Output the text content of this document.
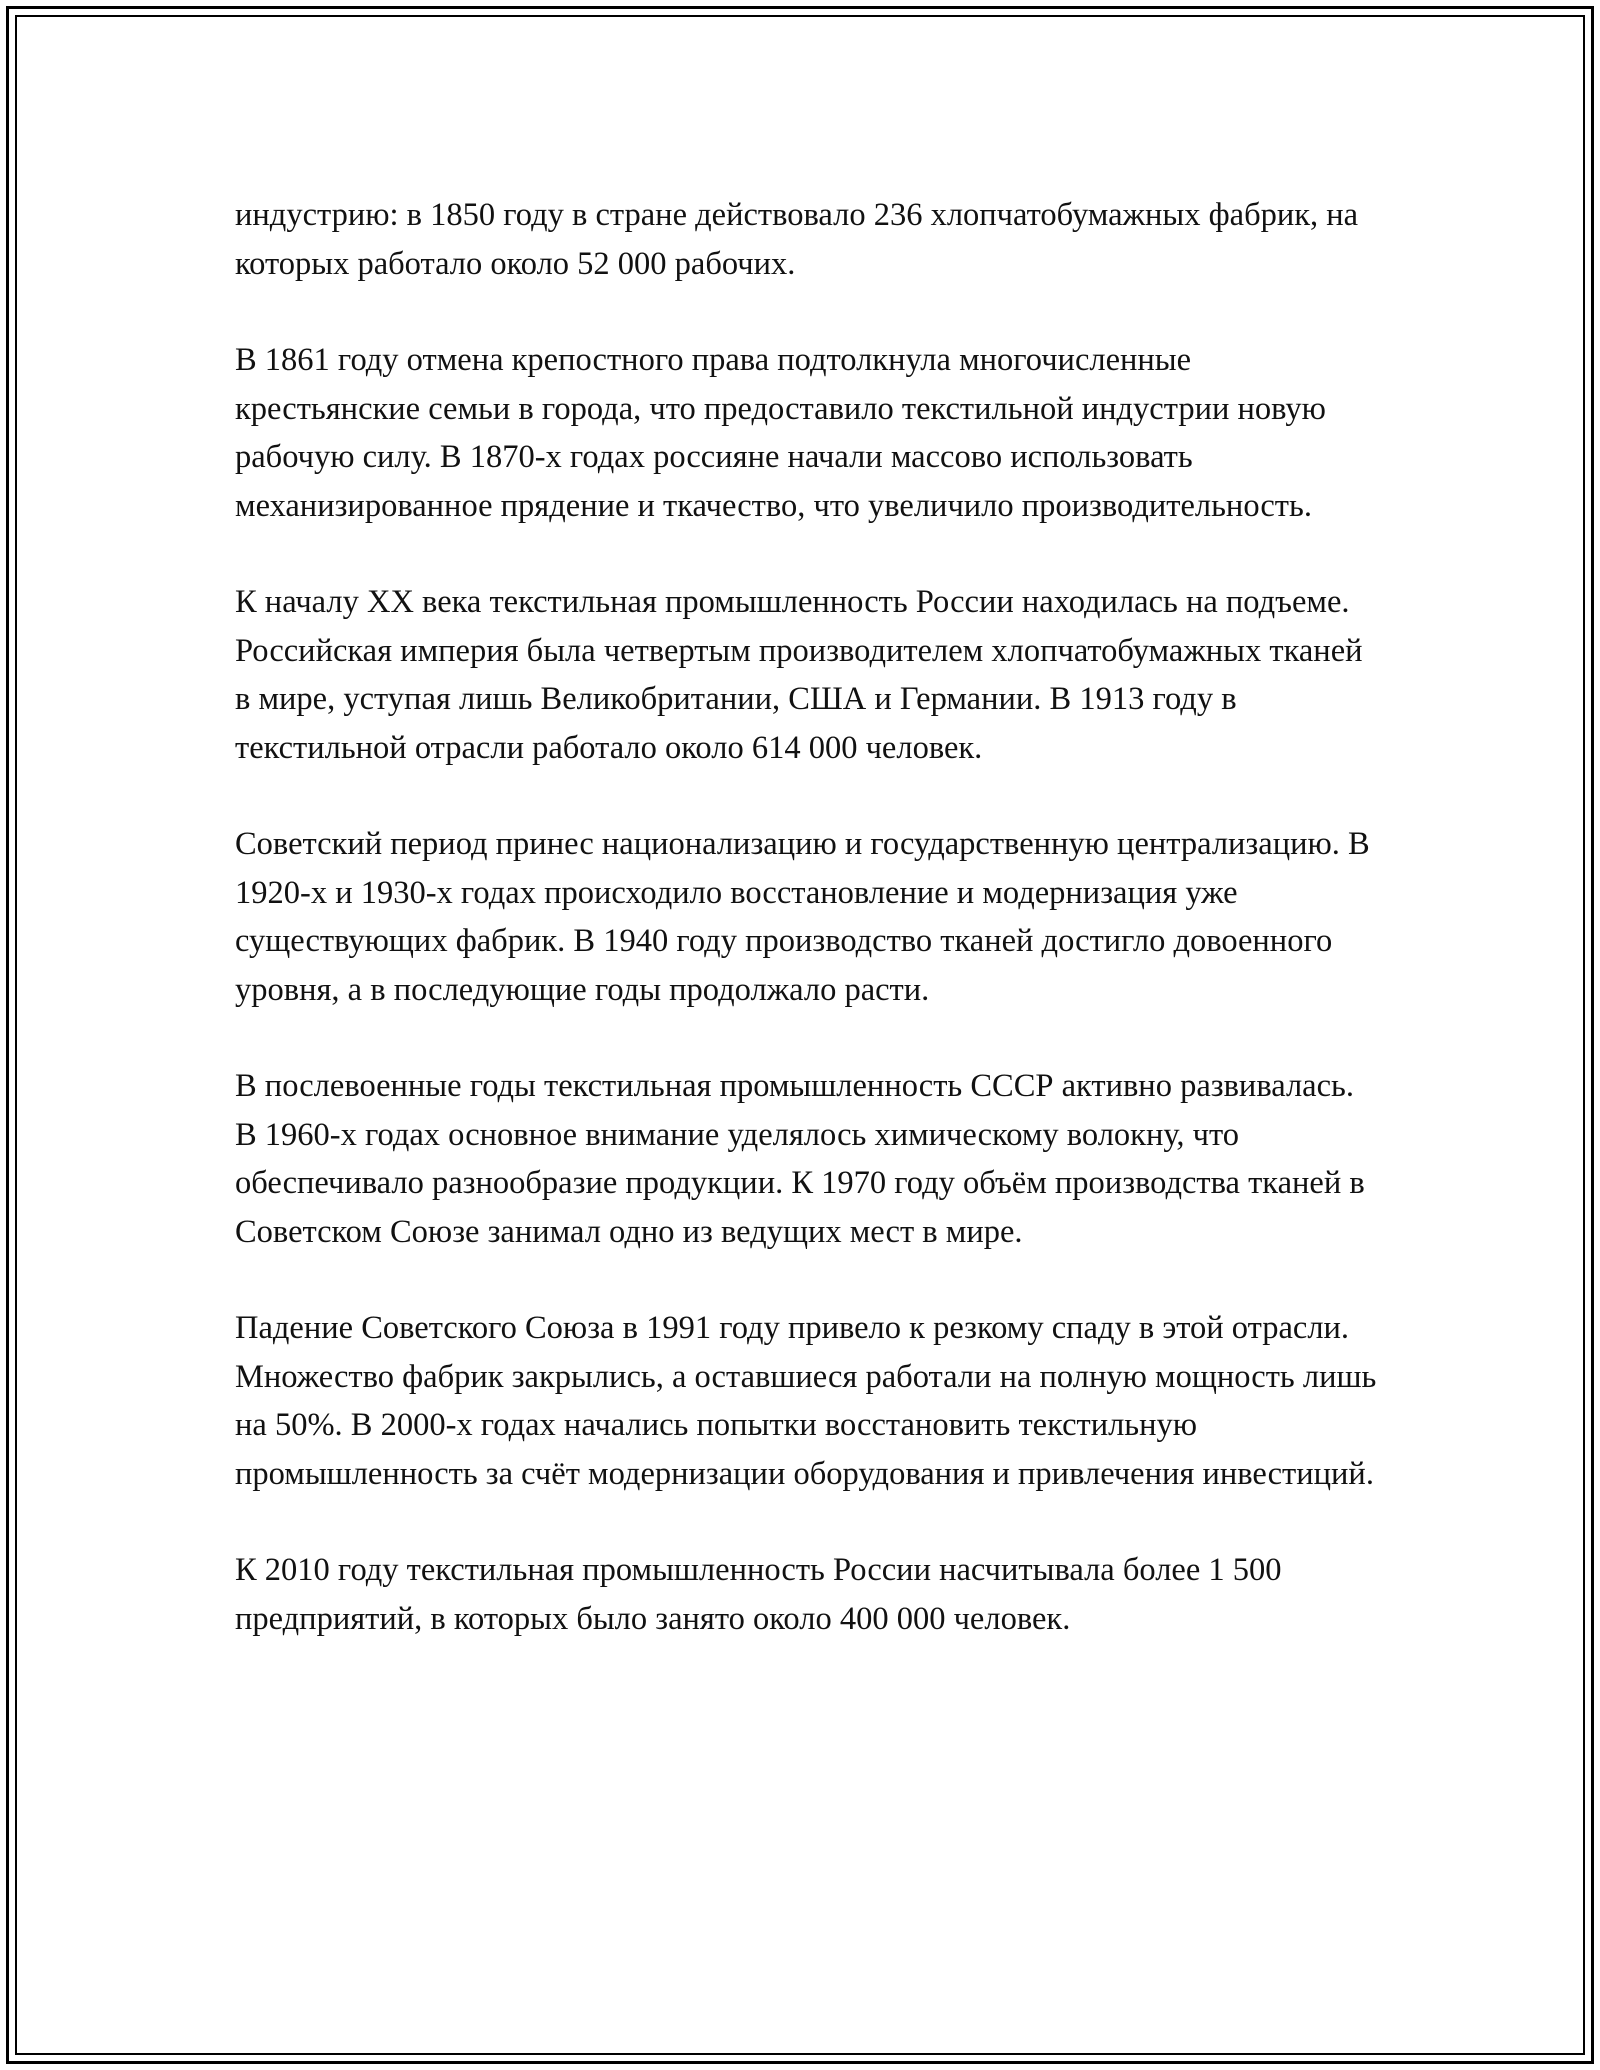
индустрию: в 1850 году в стране действовало 236 хлопчатобумажных фабрик, на которых работало около 52 000 рабочих.

В 1861 году отмена крепостного права подтолкнула многочисленные крестьянские семьи в города, что предоставило текстильной индустрии новую рабочую силу. В 1870-х годах россияне начали массово использовать механизированное прядение и ткачество, что увеличило производительность.

К началу XX века текстильная промышленность России находилась на подъеме. Российская империя была четвертым производителем хлопчатобумажных тканей в мире, уступая лишь Великобритании, США и Германии. В 1913 году в текстильной отрасли работало около 614 000 человек.

Советский период принес национализацию и государственную централизацию. В 1920-х и 1930-х годах происходило восстановление и модернизация уже существующих фабрик. В 1940 году производство тканей достигло довоенного уровня, а в последующие годы продолжало расти.

В послевоенные годы текстильная промышленность СССР активно развивалась. В 1960-х годах основное внимание уделялось химическому волокну, что обеспечивало разнообразие продукции. К 1970 году объём производства тканей в Советском Союзе занимал одно из ведущих мест в мире.

Падение Советского Союза в 1991 году привело к резкому спаду в этой отрасли. Множество фабрик закрылись, а оставшиеся работали на полную мощность лишь на 50%. В 2000-х годах начались попытки восстановить текстильную промышленность за счёт модернизации оборудования и привлечения инвестиций.

К 2010 году текстильная промышленность России насчитывала более 1 500 предприятий, в которых было занято около 400 000 человек.
